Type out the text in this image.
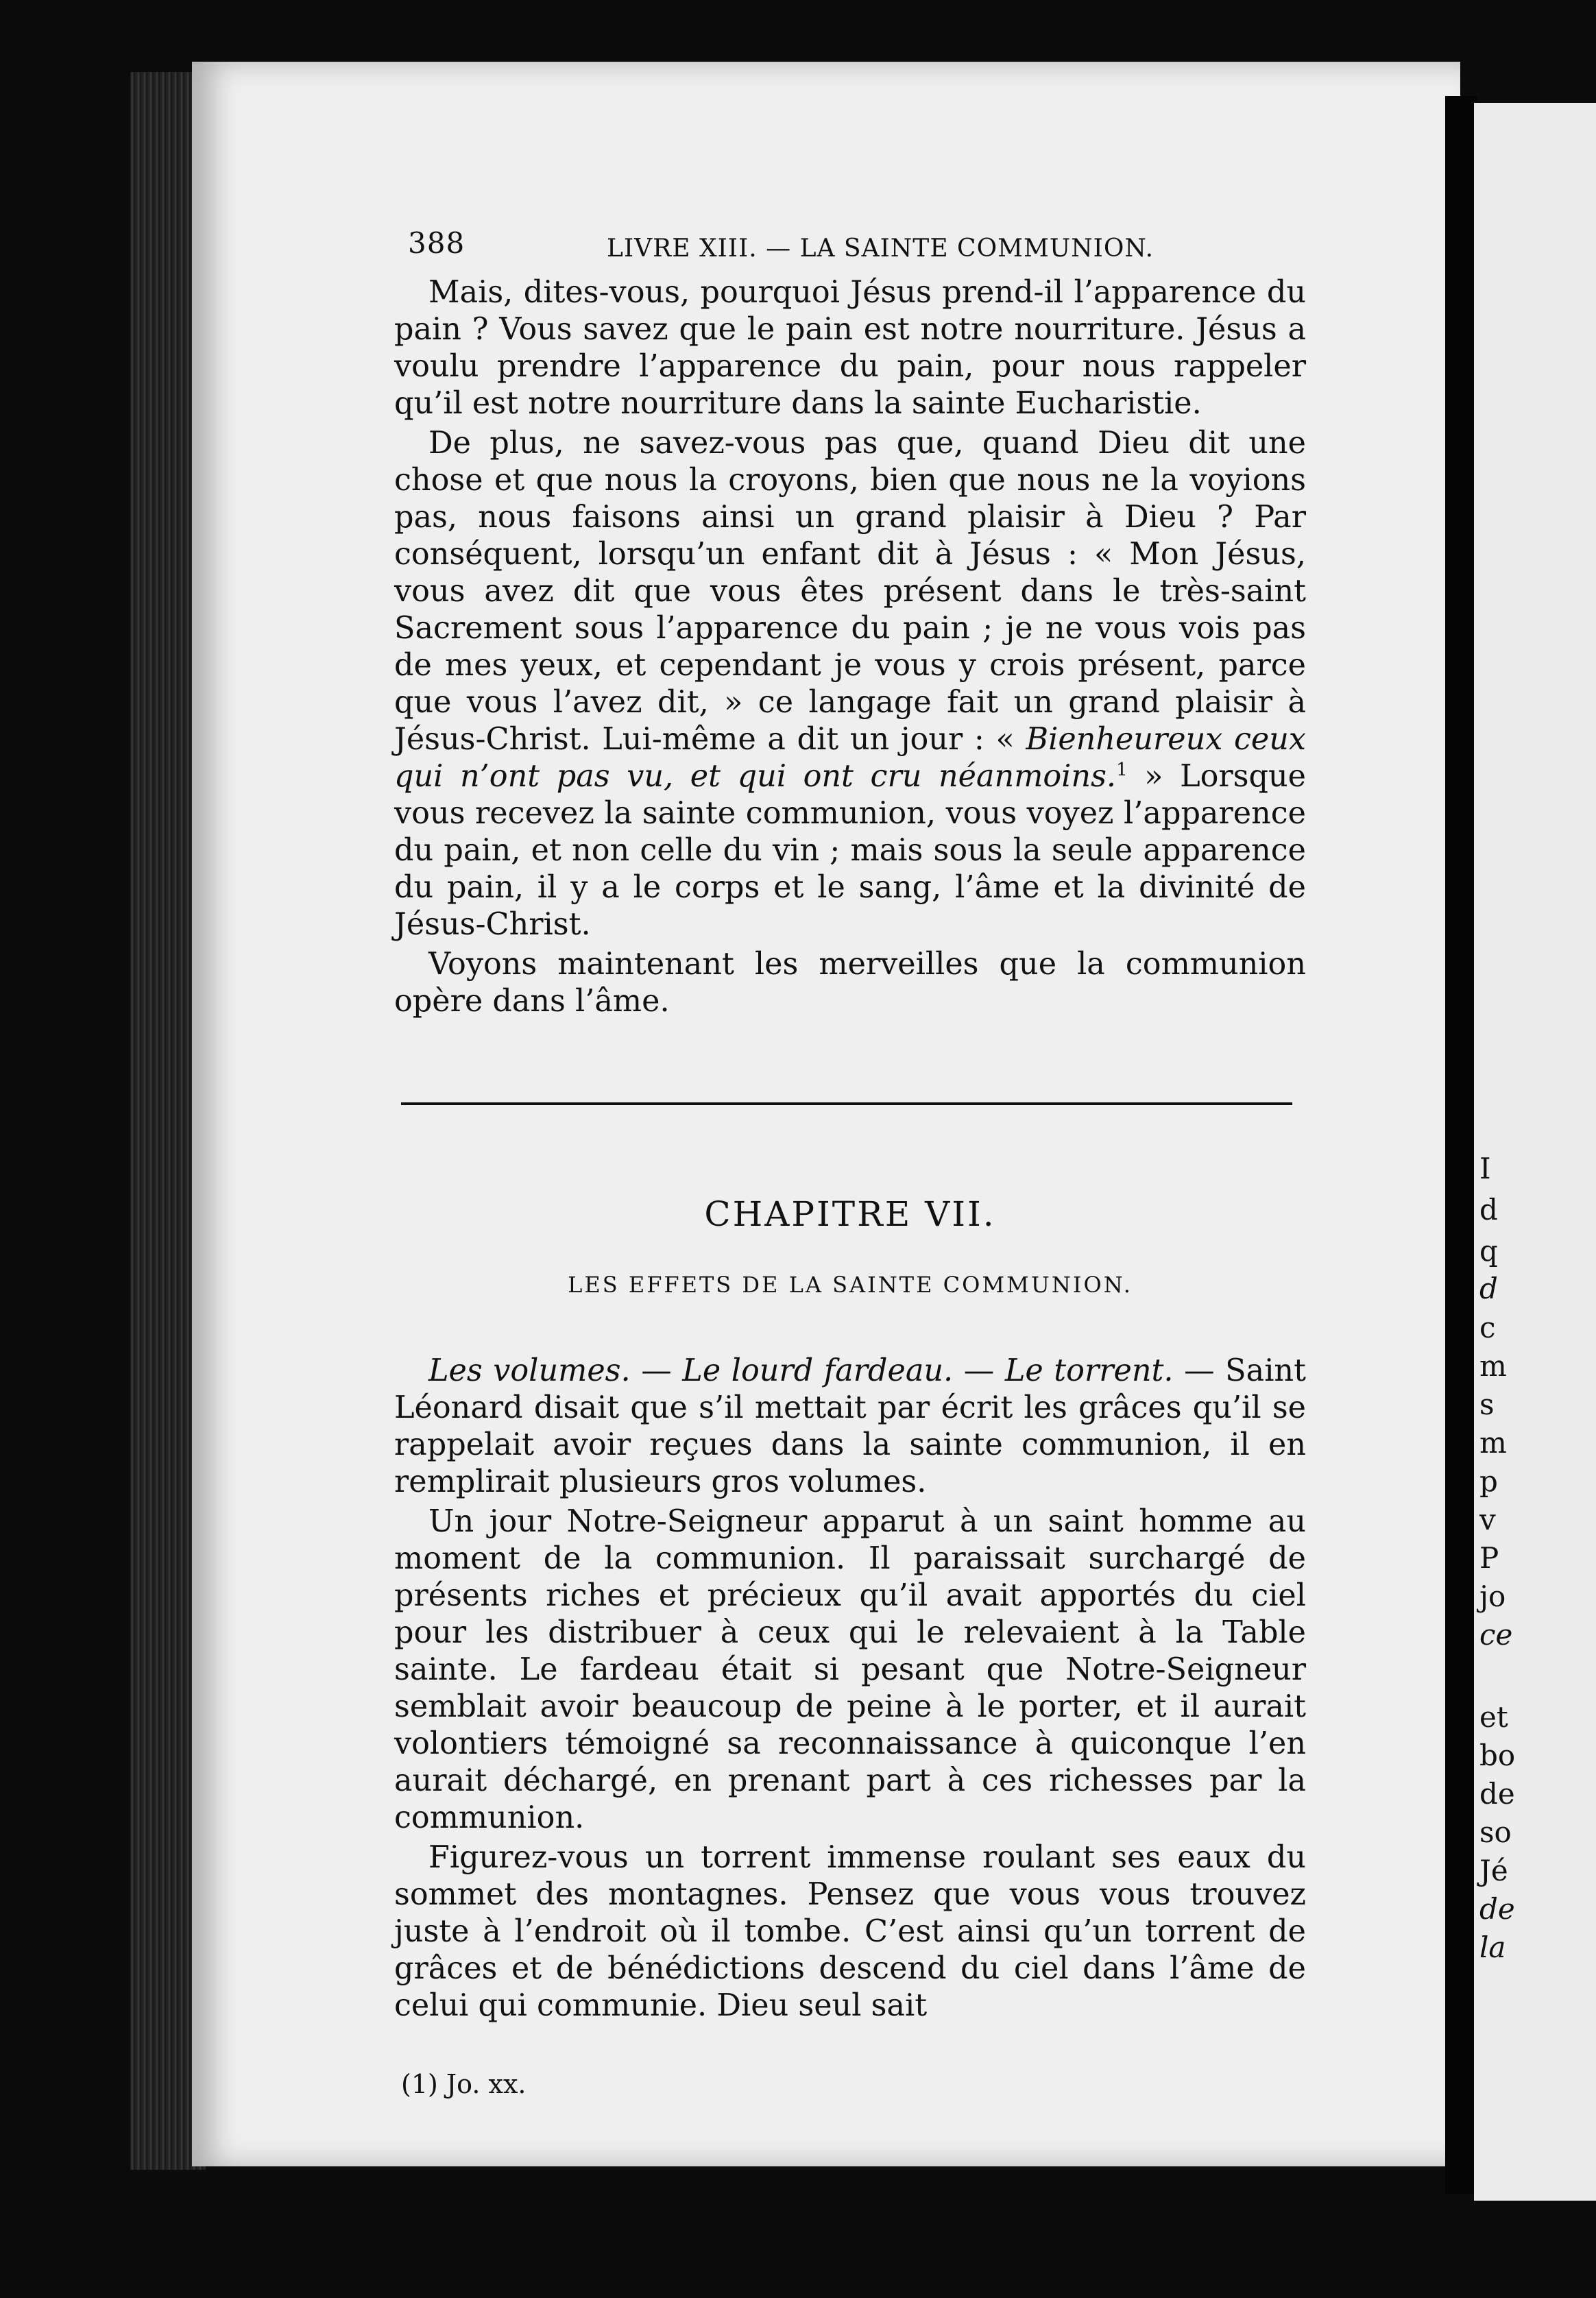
I
d
q
d
c
m
s
m
p
v
P
jo
ce
et
bo
de
so
Jé
de
la
388	LIVRE XIII. — LA SAINTE COMMUNION.

Mais, dites-vous, pourquoi Jésus prend-il l’apparence du pain ? Vous savez que le pain est notre nourriture. Jésus a voulu prendre l’apparence du pain, pour nous rappeler qu’il est notre nourriture dans la sainte Eucharistie.

De plus, ne savez-vous pas que, quand Dieu dit une chose et que nous la croyons, bien que nous ne la voyions pas, nous faisons ainsi un grand plaisir à Dieu ? Par conséquent, lorsqu’un enfant dit à Jésus : « Mon Jésus, vous avez dit que vous êtes présent dans le très-saint Sacrement sous l’apparence du pain ; je ne vous vois pas de mes yeux, et cependant je vous y crois présent, parce que vous l’avez dit, » ce langage fait un grand plaisir à Jésus-Christ. Lui-même a dit un jour : « Bienheureux ceux qui n’ont pas vu, et qui ont cru néanmoins.$^1$ » Lorsque vous recevez la sainte communion, vous voyez l’apparence du pain, et non celle du vin ; mais sous la seule apparence du pain, il y a le corps et le sang, l’âme et la divinité de Jésus-Christ.

Voyons maintenant les merveilles que la communion opère dans l’âme.

CHAPITRE VII.
LES EFFETS DE LA SAINTE COMMUNION.

Les volumes. — Le lourd fardeau. — Le torrent. — Saint Léonard disait que s’il mettait par écrit les grâces qu’il se rappelait avoir reçues dans la sainte communion, il en remplirait plusieurs gros volumes.

Un jour Notre-Seigneur apparut à un saint homme au moment de la communion. Il paraissait surchargé de présents riches et précieux qu’il avait apportés du ciel pour les distribuer à ceux qui le relevaient à la Table sainte. Le fardeau était si pesant que Notre-Seigneur semblait avoir beaucoup de peine à le porter, et il aurait volontiers témoigné sa reconnaissance à quiconque l’en aurait déchargé, en prenant part à ces richesses par la communion.

Figurez-vous un torrent immense roulant ses eaux du sommet des montagnes. Pensez que vous vous trouvez juste à l’endroit où il tombe. C’est ainsi qu’un torrent de grâces et de bénédictions descend du ciel dans l’âme de celui qui communie. Dieu seul sait

(1) Jo. xx.
